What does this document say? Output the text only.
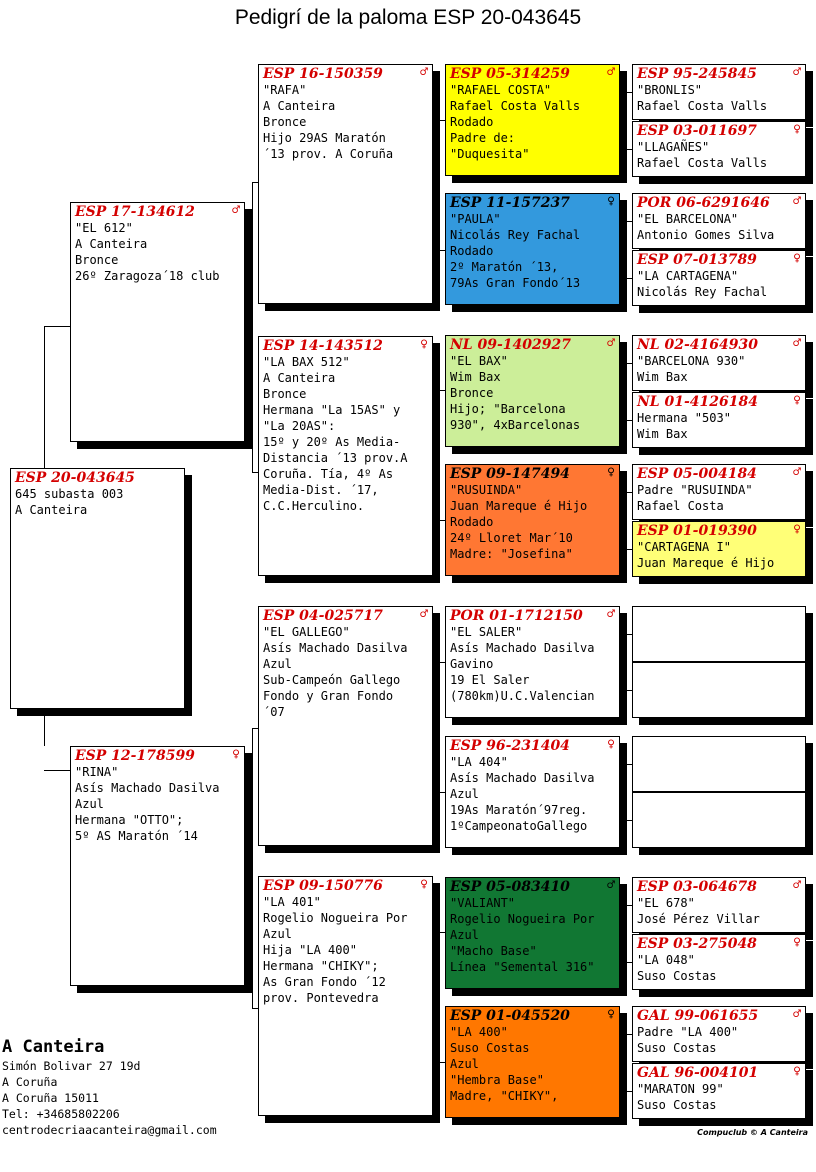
Pedigrí de la paloma ESP 20-043645
ESP 20-043645
645 subasta 003
A Canteira
ESP 17-134612	♂
"EL 612"
A Canteira
Bronce
26º Zaragoza´18 club
ESP 12-178599	♀
"RINA"
Asís Machado Dasilva
Azul
Hermana "OTTO";
5º AS Maratón ´14
ESP 16-150359	♂
"RAFA"
A Canteira
Bronce
Hijo 29AS Maratón
´13 prov. A Coruña
ESP 14-143512	♀
"LA BAX 512"
A Canteira
Bronce
Hermana "La 15AS" y
"La 20AS":
15º y 20º As Media-
Distancia ´13 prov.A
Coruña. Tía, 4º As
Media-Dist. ´17,
C.C.Herculino.
ESP 04-025717	♂
"EL GALLEGO"
Asís Machado Dasilva
Azul
Sub-Campeón Gallego
Fondo y Gran Fondo
´07
ESP 09-150776	♀
"LA 401"
Rogelio Nogueira Por
Azul
Hija "LA 400"
Hermana "CHIKY";
As Gran Fondo ´12
prov. Pontevedra
ESP 05-314259	♂
"RAFAEL COSTA"
Rafael Costa Valls
Rodado
Padre de:
"Duquesita"
ESP 11-157237	♀
"PAULA"
Nicolás Rey Fachal
Rodado
2º Maratón ´13,
79As Gran Fondo´13
NL 09-1402927	♂
"EL BAX"
Wim Bax
Bronce
Hijo; "Barcelona
930", 4xBarcelonas
ESP 09-147494	♀
"RUSUINDA"
Juan Mareque é Hijo
Rodado
24º Lloret Mar´10
Madre: "Josefina"
POR 01-1712150	♂
"EL SALER"
Asís Machado Dasilva
Gavino
19 El Saler
(780km)U.C.Valencian
ESP 96-231404	♀
"LA 404"
Asís Machado Dasilva
Azul
19As Maratón´97reg.
1ºCampeonatoGallego
ESP 05-083410	♂
"VALIANT"
Rogelio Nogueira Por
Azul
"Macho Base"
Línea "Semental 316"
ESP 01-045520	♀
"LA 400"
Suso Costas
Azul
"Hembra Base"
Madre, "CHIKY",
ESP 95-245845	♂
"BRONLIS"
Rafael Costa Valls
ESP 03-011697	♀
"LLAGAÑES"
Rafael Costa Valls
POR 06-6291646	♂
"EL BARCELONA"
Antonio Gomes Silva
ESP 07-013789	♀
"LA CARTAGENA"
Nicolás Rey Fachal
NL 02-4164930	♂
"BARCELONA 930"
Wim Bax
NL 01-4126184	♀
Hermana "503"
Wim Bax
ESP 05-004184	♂
Padre "RUSUINDA"
Rafael Costa
ESP 01-019390	♀
"CARTAGENA I"
Juan Mareque é Hijo
ESP 03-064678	♂
"EL 678"
José Pérez Villar
ESP 03-275048	♀
"LA 048"
Suso Costas
GAL 99-061655	♂
Padre "LA 400"
Suso Costas
GAL 96-004101	♀
"MARATON 99"
Suso Costas
A Canteira
Simón Bolivar 27 19d
A Coruña
A Coruña 15011
Tel: +34685802206
centrodecriaacanteira@gmail.com	Compuclub © A Canteira
